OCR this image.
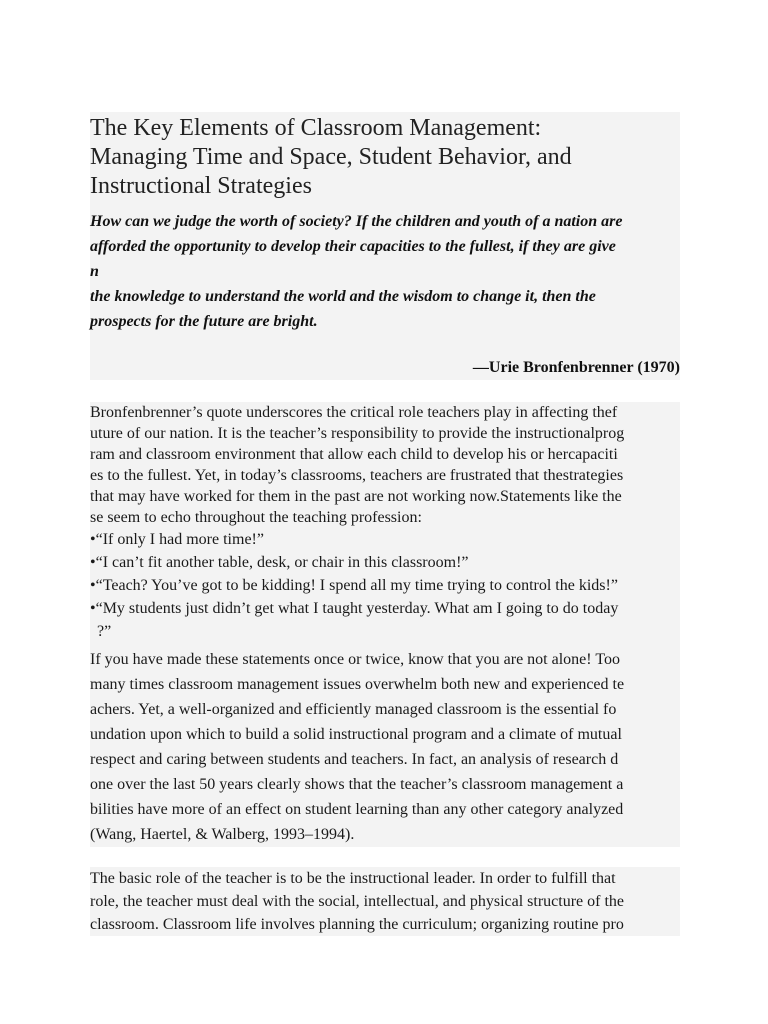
The Key Elements of Classroom Management:
Managing Time and Space, Student Behavior, and
Instructional Strategies

How can we judge the worth of society? If the children and youth of a nation are
afforded the opportunity to develop their capacities to the fullest, if they are give
n
the knowledge to understand the world and the wisdom to change it, then the
prospects for the future are bright.

—Urie Bronfenbrenner (1970)

Bronfenbrenner’s quote underscores the critical role teachers play in affecting thef
uture of our nation. It is the teacher’s responsibility to provide the instructionalprog
ram and classroom environment that allow each child to develop his or hercapaciti
es to the fullest. Yet, in today’s classrooms, teachers are frustrated that thestrategies
that may have worked for them in the past are not working now.Statements like the
se seem to echo throughout the teaching profession:

•“If only I had more time!”
•“I can’t fit another table, desk, or chair in this classroom!”
•“Teach? You’ve got to be kidding! I spend all my time trying to control the kids!”
•“My students just didn’t get what I taught yesterday. What am I going to do today
?”

If you have made these statements once or twice, know that you are not alone! Too
many times classroom management issues overwhelm both new and experienced te
achers. Yet, a well-organized and efficiently managed classroom is the essential fo
undation upon which to build a solid instructional program and a climate of mutual
respect and caring between students and teachers. In fact, an analysis of research d
one over the last 50 years clearly shows that the teacher’s classroom management a
bilities have more of an effect on student learning than any other category analyzed
(Wang, Haertel, & Walberg, 1993–1994).

The basic role of the teacher is to be the instructional leader. In order to fulfill that
role, the teacher must deal with the social, intellectual, and physical structure of the
classroom. Classroom life involves planning the curriculum; organizing routine pro
